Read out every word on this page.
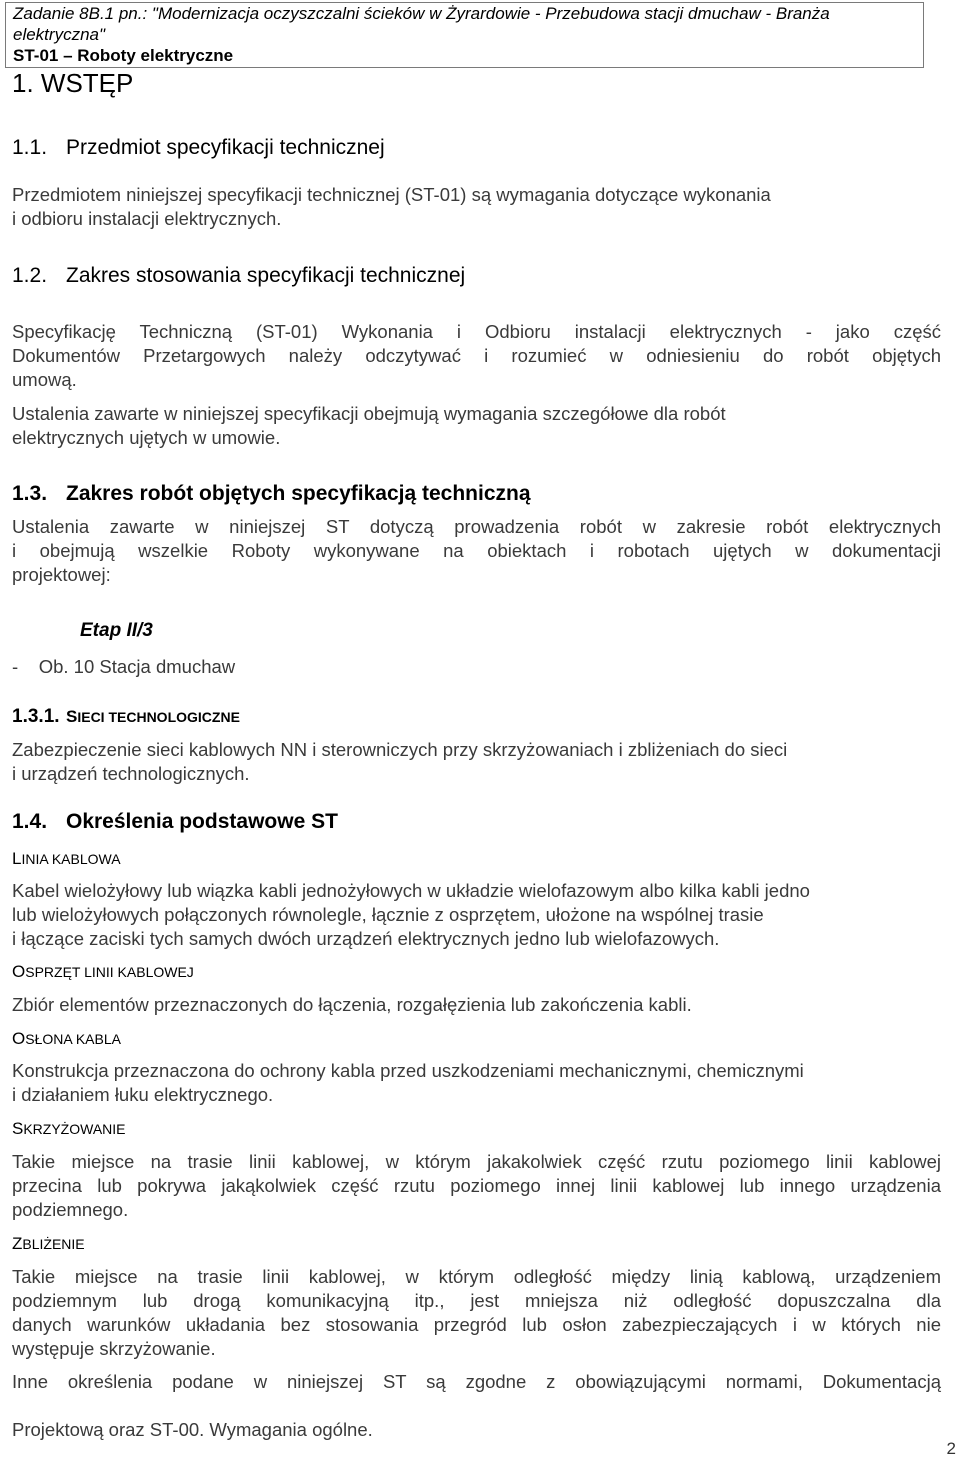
Zadanie 8B.1 pn.: "Modernizacja oczyszczalni ścieków w Żyrardowie - Przebudowa stacji dmuchaw - Branża
elektryczna"
ST-01 – Roboty elektryczne
1. WSTĘP
1.1. Przedmiot specyfikacji technicznej
Przedmiotem niniejszej specyfikacji technicznej (ST-01) są wymagania dotyczące wykonania
i odbioru instalacji elektrycznych.
1.2. Zakres stosowania specyfikacji technicznej
Specyfikację Techniczną (ST-01) Wykonania i Odbioru instalacji elektrycznych - jako część
Dokumentów Przetargowych należy odczytywać i rozumieć w odniesieniu do robót objętych
umową.
Ustalenia zawarte w niniejszej specyfikacji obejmują wymagania szczegółowe dla robót
elektrycznych ujętych w umowie.
1.3. Zakres robót objętych specyfikacją techniczną
Ustalenia zawarte w niniejszej ST dotyczą prowadzenia robót w zakresie robót elektrycznych
i obejmują wszelkie Roboty wykonywane na obiektach i robotach ujętych w dokumentacji
projektowej:
Etap II/3
-    Ob. 10 Stacja dmuchaw
1.3.1. SIECI TECHNOLOGICZNE
Zabezpieczenie sieci kablowych NN i sterowniczych przy skrzyżowaniach i zbliżeniach do sieci
i urządzeń technologicznych.
1.4. Określenia podstawowe ST
LINIA KABLOWA
Kabel wielożyłowy lub wiązka kabli jednożyłowych w układzie wielofazowym albo kilka kabli jedno
lub wielożyłowych połączonych równolegle, łącznie z osprzętem, ułożone na wspólnej trasie
i łączące zaciski tych samych dwóch urządzeń elektrycznych jedno lub wielofazowych.
OSPRZĘT LINII KABLOWEJ
Zbiór elementów przeznaczonych do łączenia, rozgałęzienia lub zakończenia kabli.
OSŁONA KABLA
Konstrukcja przeznaczona do ochrony kabla przed uszkodzeniami mechanicznymi, chemicznymi
i działaniem łuku elektrycznego.
SKRZYŻOWANIE
Takie miejsce na trasie linii kablowej, w którym jakakolwiek część rzutu poziomego linii kablowej
przecina lub pokrywa jakąkolwiek część rzutu poziomego innej linii kablowej lub innego urządzenia
podziemnego.
ZBLIŻENIE
Takie miejsce na trasie linii kablowej, w którym odległość między linią kablową, urządzeniem
podziemnym lub drogą komunikacyjną itp., jest mniejsza niż odległość dopuszczalna dla
danych warunków układania bez stosowania przegród lub osłon zabezpieczających i w których nie
występuje skrzyżowanie.
Inne określenia podane w niniejszej ST są zgodne z obowiązującymi normami, Dokumentacją
Projektową oraz ST-00. Wymagania ogólne.
2
